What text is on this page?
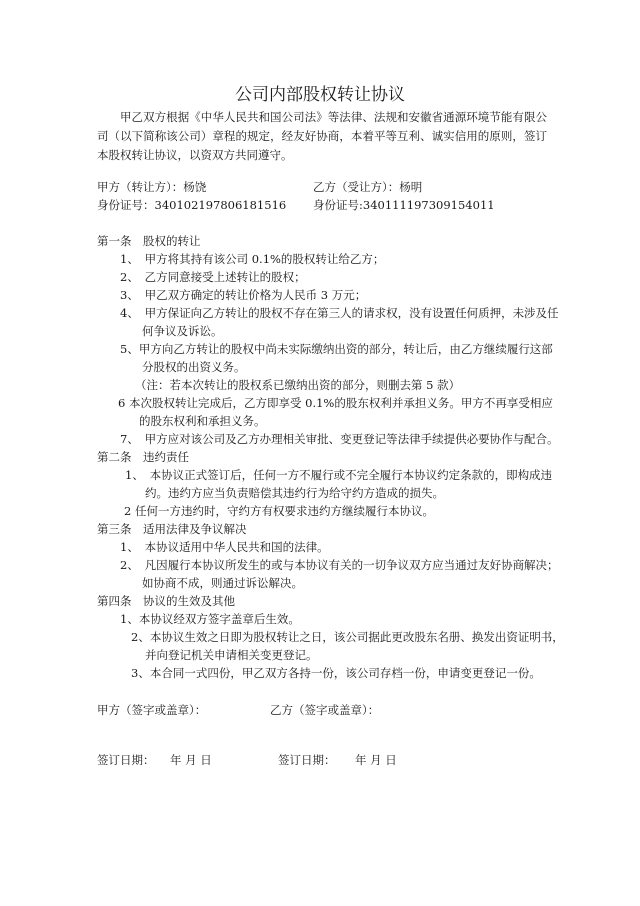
公司内部股权转让协议
甲乙双方根据《中华人民共和国公司法》等法律、法规和安徽省通源环境节能有限公司（以下简称该公司）章程的规定，经友好协商，本着平等互利、诚实信用的原则，签订本股权转让协议，以资双方共同遵守。
甲方（转让方）：杨饶	乙方（受让方）：杨明
身份证号：340102197806181516 身份证号:340111197309154011
第一条　股权的转让
1、　甲方将其持有该公司 0.1%的股权转让给乙方；
2、　乙方同意接受上述转让的股权；
3、　甲乙双方确定的转让价格为人民币 3 万元；
4、　甲方保证向乙方转让的股权不存在第三人的请求权，没有设置任何质押，未涉及任
何争议及诉讼。
5、甲方向乙方转让的股权中尚未实际缴纳出资的部分，转让后，由乙方继续履行这部
分股权的出资义务。
（注：若本次转让的股权系已缴纳出资的部分，则删去第 5 款）
6 本次股权转让完成后，乙方即享受 0.1%的股东权利并承担义务。甲方不再享受相应
的股东权利和承担义务。
7、　甲方应对该公司及乙方办理相关审批、变更登记等法律手续提供必要协作与配合。
第二条　违约责任
1、　本协议正式签订后，任何一方不履行或不完全履行本协议约定条款的，即构成违
约。违约方应当负责赔偿其违约行为给守约方造成的损失。
2 任何一方违约时，守约方有权要求违约方继续履行本协议。
第三条　适用法律及争议解决
1、　本协议适用中华人民共和国的法律。
2、　凡因履行本协议所发生的或与本协议有关的一切争议双方应当通过友好协商解决；
如协商不成，则通过诉讼解决。
第四条　协议的生效及其他
1、本协议经双方签字盖章后生效。
2、本协议生效之日即为股权转让之日，该公司据此更改股东名册、换发出资证明书，
并向登记机关申请相关变更登记。
3、本合同一式四份，甲乙双方各持一份，该公司存档一份，申请变更登记一份。
甲方（签字或盖章）：	乙方（签字或盖章）：
签订日期： 年 月 日	签订日期： 年 月 日
